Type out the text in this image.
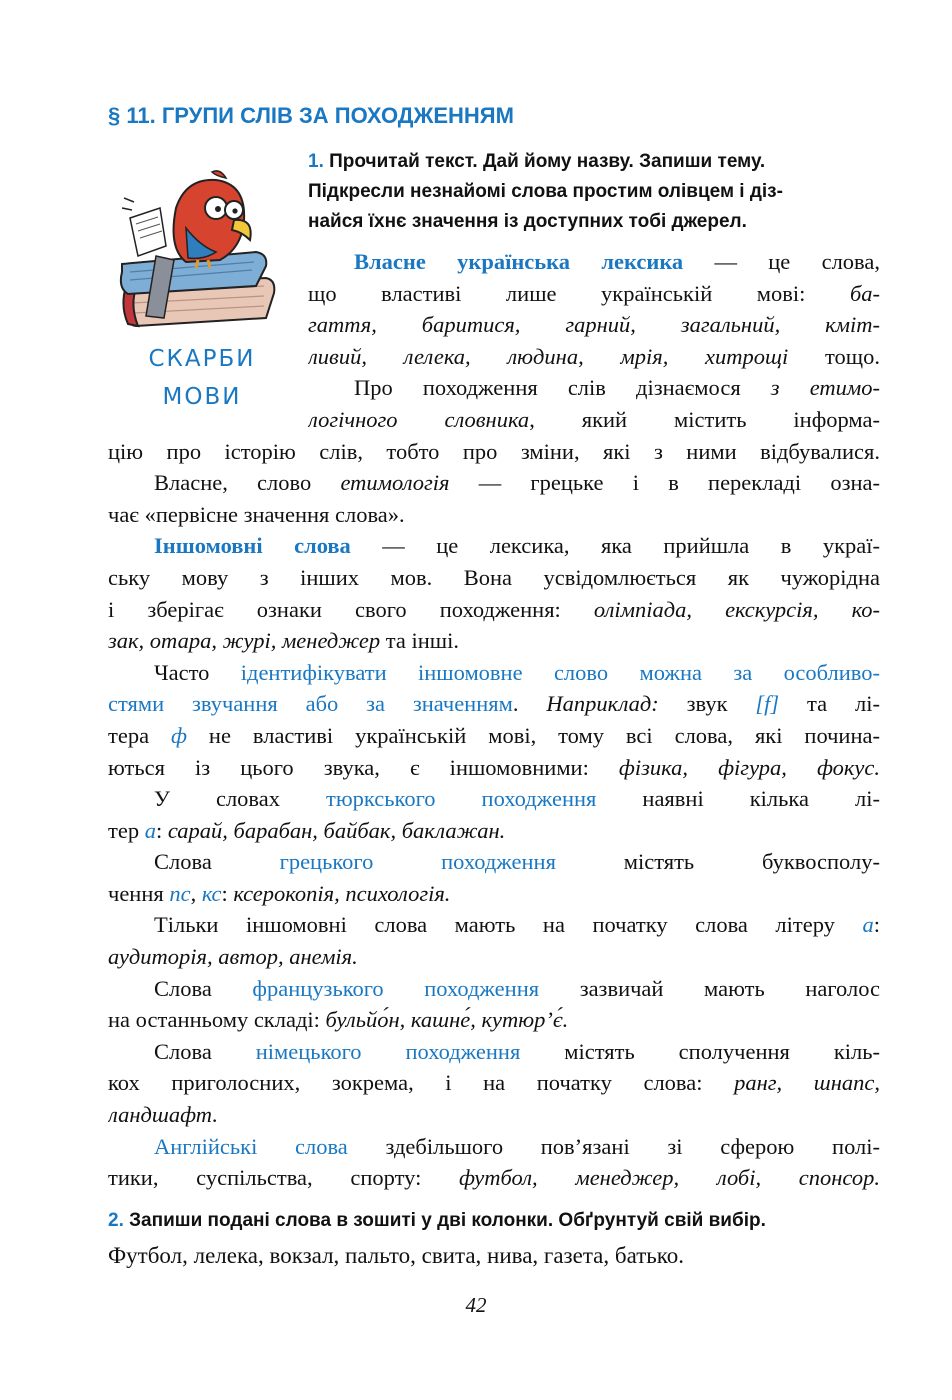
§ 11. ГРУПИ СЛІВ ЗА ПОХОДЖЕННЯМ
СКАРБИ
МОВИ
1. Прочитай текст. Дай йому назву. Запиши тему.
Підкресли незнайомі слова простим олівцем і діз-
найся їхнє значення із доступних тобі джерел.
Власне українська лексика — це слова,
що властиві лише українській мові: ба-
гаття, баритися, гарний, загальний, кміт-
ливий, лелека, людина, мрія, хитрощі тощо.
Про походження слів дізнаємося з етимо-
логічного словника, який містить інформа-
цію про історію слів, тобто про зміни, які з ними відбувалися.
Власне, слово етимологія — грецьке і в перекладі озна-
чає «первісне значення слова».
Іншомовні слова — це лексика, яка прийшла в украї-
ську мову з інших мов. Вона усвідомлюється як чужорідна
і зберігає ознаки свого походження: олімпіада, екскурсія, ко-
зак, отара, журі, менеджер та інші.
Часто ідентифікувати іншомовне слово можна за особливо-
стями звучання або за значенням. Наприклад: звук [f] та лі-
тера ф не властиві українській мові, тому всі слова, які почина-
ються із цього звука, є іншомовними: фізика, фігура, фокус.
У словах тюркського походження наявні кілька лі-
тер а: сарай, барабан, байбак, баклажан.
Слова грецького походження містять буквосполу-
чення пс, кс: ксерокопія, психологія.
Тільки іншомовні слова мають на початку слова літеру а:
аудиторія, автор, анемія.
Слова французького походження зазвичай мають наголос
на останньому складі: бульйо́н, кашне́, кутюр’є́.
Слова німецького походження містять сполучення кіль-
кох приголосних, зокрема, і на початку слова: ранг, шнапс,
ландшафт.
Англійські слова здебільшого пов’язані зі сферою полі-
тики, суспільства, спорту: футбол, менеджер, лобі, спонсор.
2. Запиши подані слова в зошиті у дві колонки. Обґрунтуй свій вибір.
Футбол, лелека, вокзал, пальто, свита, нива, газета, батько.
42
